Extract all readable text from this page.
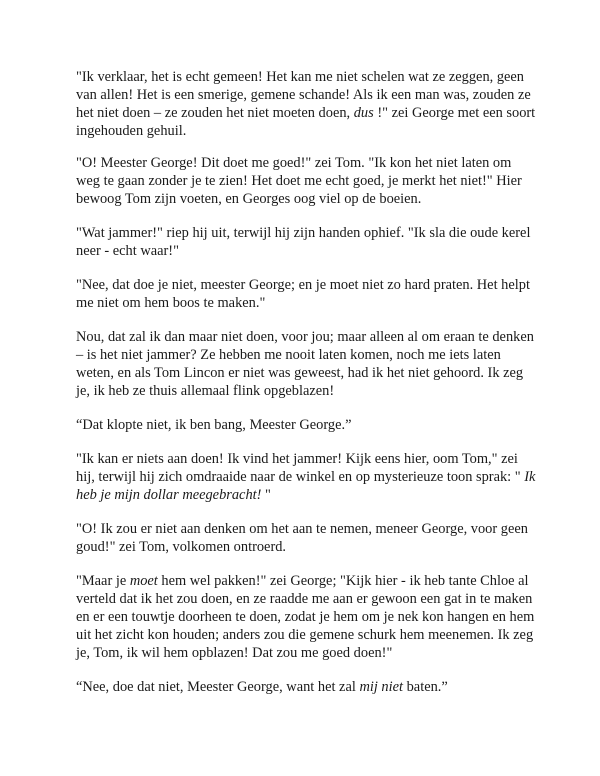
"Ik verklaar, het is echt gemeen! Het kan me niet schelen wat ze zeggen, geen van allen! Het is een smerige, gemene schande! Als ik een man was, zouden ze het niet doen – ze zouden het niet moeten doen, dus !" zei George met een soort ingehouden gehuil.

"O! Meester George! Dit doet me goed!" zei Tom. "Ik kon het niet laten om weg te gaan zonder je te zien! Het doet me echt goed, je merkt het niet!" Hier bewoog Tom zijn voeten, en Georges oog viel op de boeien.

"Wat jammer!" riep hij uit, terwijl hij zijn handen ophief. "Ik sla die oude kerel neer - echt waar!"

"Nee, dat doe je niet, meester George; en je moet niet zo hard praten. Het helpt me niet om hem boos te maken."

Nou, dat zal ik dan maar niet doen, voor jou; maar alleen al om eraan te denken – is het niet jammer? Ze hebben me nooit laten komen, noch me iets laten weten, en als Tom Lincon er niet was geweest, had ik het niet gehoord. Ik zeg je, ik heb ze thuis allemaal flink opgeblazen!

“Dat klopte niet, ik ben bang, Meester George.”

"Ik kan er niets aan doen! Ik vind het jammer! Kijk eens hier, oom Tom," zei hij, terwijl hij zich omdraaide naar de winkel en op mysterieuze toon sprak: " Ik heb je mijn dollar meegebracht! "

"O! Ik zou er niet aan denken om het aan te nemen, meneer George, voor geen goud!" zei Tom, volkomen ontroerd.

"Maar je moet hem wel pakken!" zei George; "Kijk hier - ik heb tante Chloe al verteld dat ik het zou doen, en ze raadde me aan er gewoon een gat in te maken en er een touwtje doorheen te doen, zodat je hem om je nek kon hangen en hem uit het zicht kon houden; anders zou die gemene schurk hem meenemen. Ik zeg je, Tom, ik wil hem opblazen! Dat zou me goed doen!"

“Nee, doe dat niet, Meester George, want het zal mij niet baten.”
